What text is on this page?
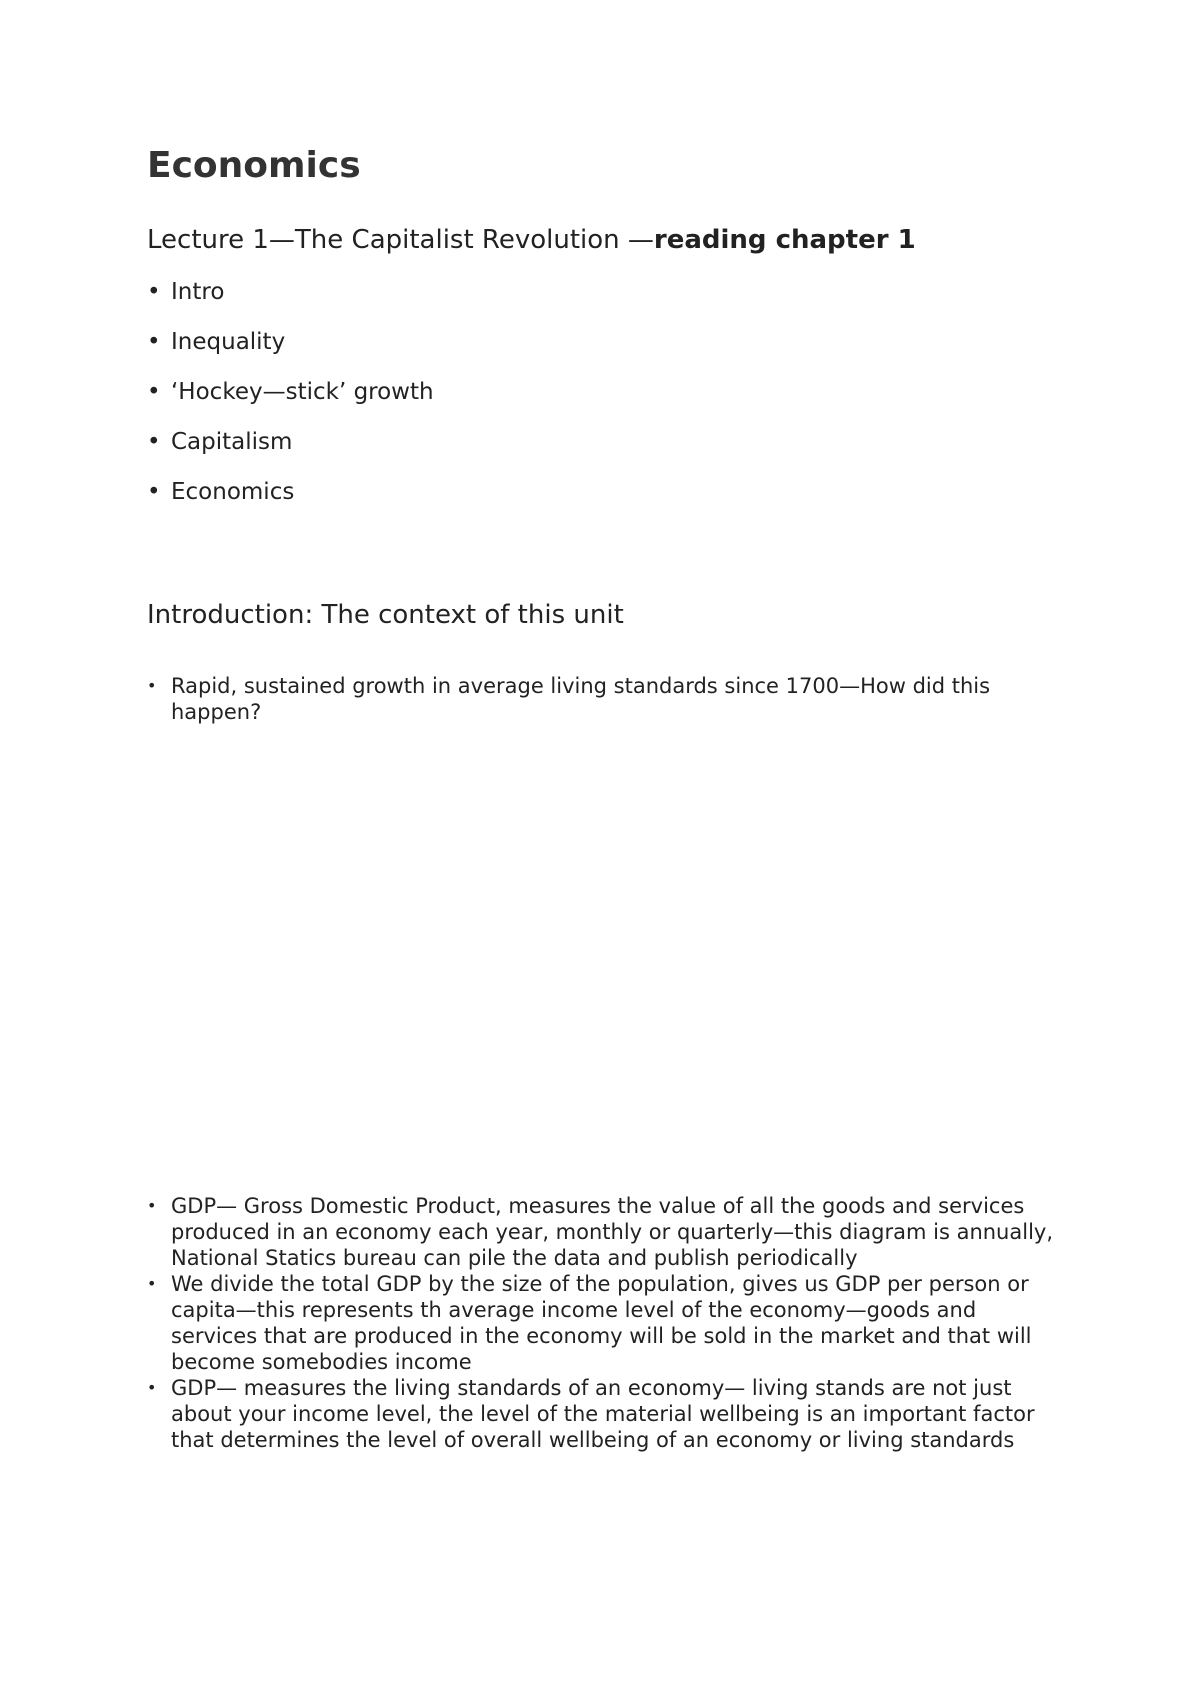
Economics
Lecture 1—The Capitalist Revolution —reading chapter 1
• Intro
• Inequality
• ‘Hockey—stick’ growth
• Capitalism
• Economics
Introduction: The context of this unit
• Rapid, sustained growth in average living standards since 1700—How did this happen?
• GDP— Gross Domestic Product, measures the value of all the goods and services produced in an economy each year, monthly or quarterly—this diagram is annually, National Statics bureau can pile the data and publish periodically
• We divide the total GDP by the size of the population, gives us GDP per person or capita—this represents th average income level of the economy—goods and services that are produced in the economy will be sold in the market and that will become somebodies income
• GDP— measures the living standards of an economy— living stands are not just about your income level, the level of the material wellbeing is an important factor that determines the level of overall wellbeing of an economy or living standards
